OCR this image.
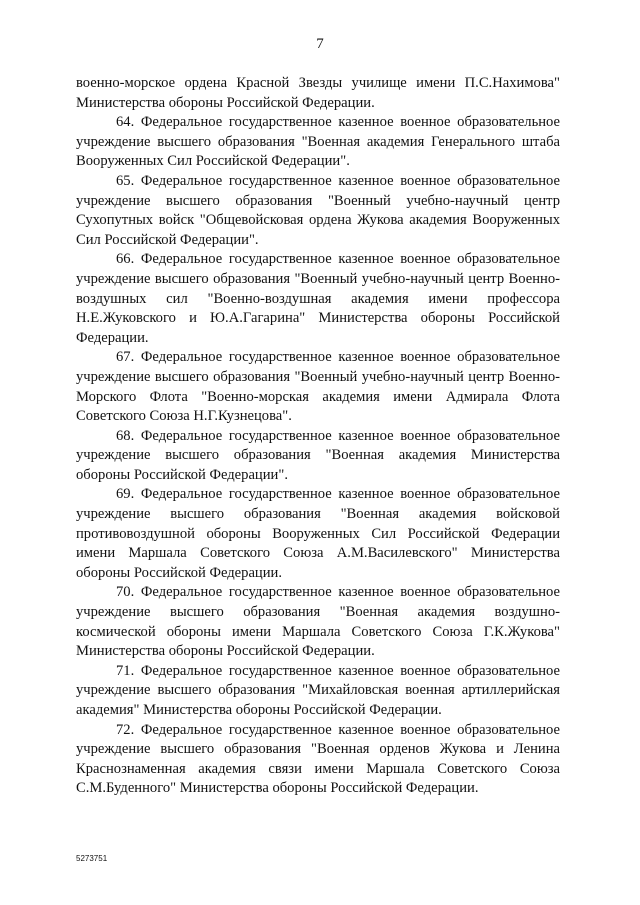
7

военно-морское ордена Красной Звезды училище имени П.С.Нахимова" Министерства обороны Российской Федерации.

64. Федеральное государственное казенное военное образовательное учреждение высшего образования "Военная академия Генерального штаба Вооруженных Сил Российской Федерации".

65. Федеральное государственное казенное военное образовательное учреждение высшего образования "Военный учебно-научный центр Сухопутных войск "Общевойсковая ордена Жукова академия Вооруженных Сил Российской Федерации".

66. Федеральное государственное казенное военное образовательное учреждение высшего образования "Военный учебно-научный центр Военно-воздушных сил "Военно-воздушная академия имени профессора Н.Е.Жуковского и Ю.А.Гагарина" Министерства обороны Российской Федерации.

67. Федеральное государственное казенное военное образовательное учреждение высшего образования "Военный учебно-научный центр Военно-Морского Флота "Военно-морская академия имени Адмирала Флота Советского Союза Н.Г.Кузнецова".

68. Федеральное государственное казенное военное образовательное учреждение высшего образования "Военная академия Министерства обороны Российской Федерации".

69. Федеральное государственное казенное военное образовательное учреждение высшего образования "Военная академия войсковой противовоздушной обороны Вооруженных Сил Российской Федерации имени Маршала Советского Союза А.М.Василевского" Министерства обороны Российской Федерации.

70. Федеральное государственное казенное военное образовательное учреждение высшего образования "Военная академия воздушно-космической обороны имени Маршала Советского Союза Г.К.Жукова" Министерства обороны Российской Федерации.

71. Федеральное государственное казенное военное образовательное учреждение высшего образования "Михайловская военная артиллерийская академия" Министерства обороны Российской Федерации.

72. Федеральное государственное казенное военное образовательное учреждение высшего образования "Военная орденов Жукова и Ленина Краснознаменная академия связи имени Маршала Советского Союза С.М.Буденного" Министерства обороны Российской Федерации.

5273751
